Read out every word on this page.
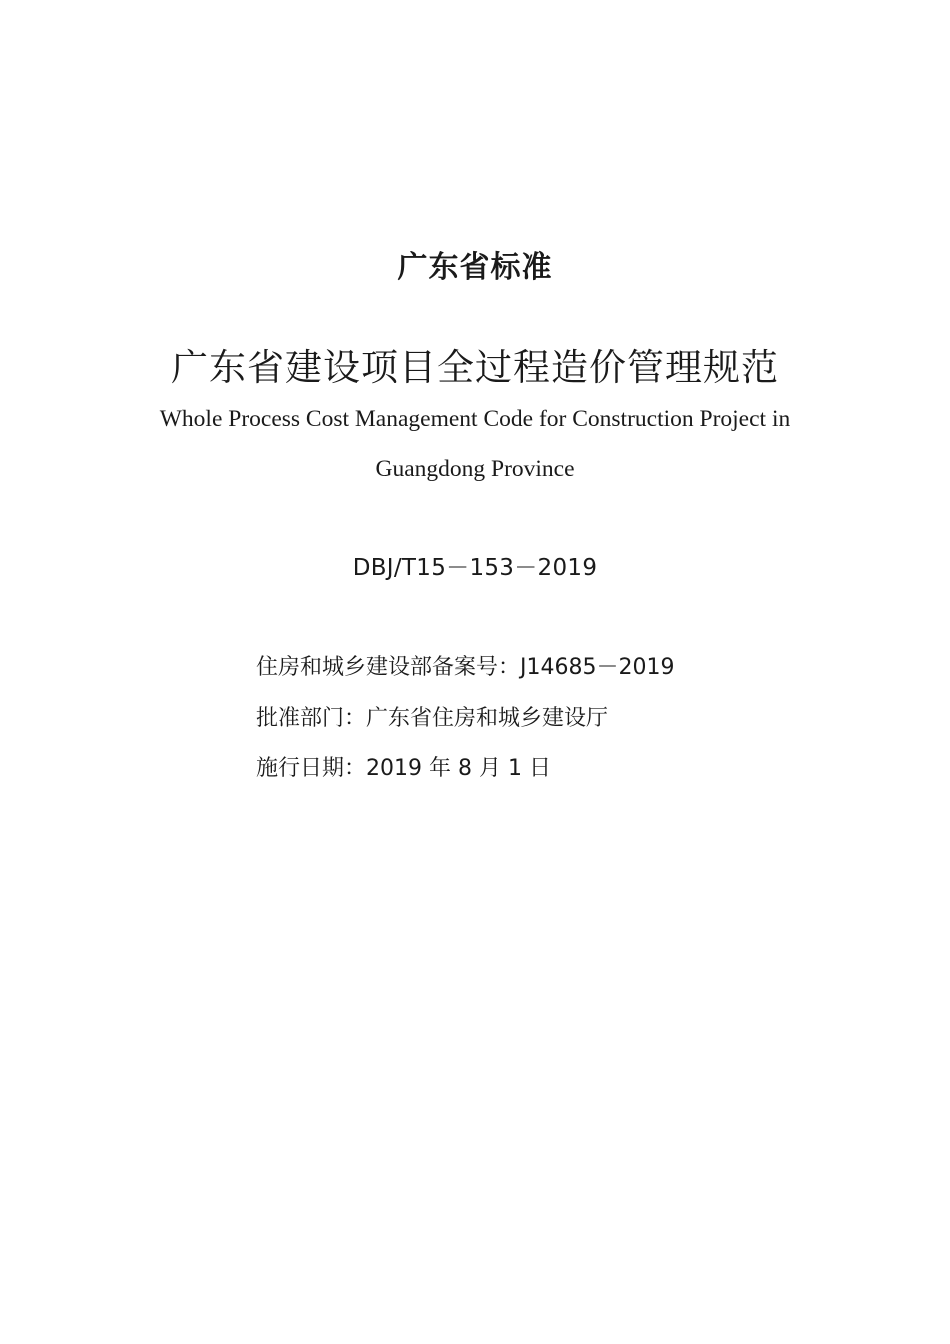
广东省标准
广东省建设项目全过程造价管理规范
Whole Process Cost Management Code for Construction Project in
Guangdong Province
DBJ/T15－153－2019
住房和城乡建设部备案号：J14685－2019
批准部门：广东省住房和城乡建设厅
施行日期：2019 年 8 月 1 日
